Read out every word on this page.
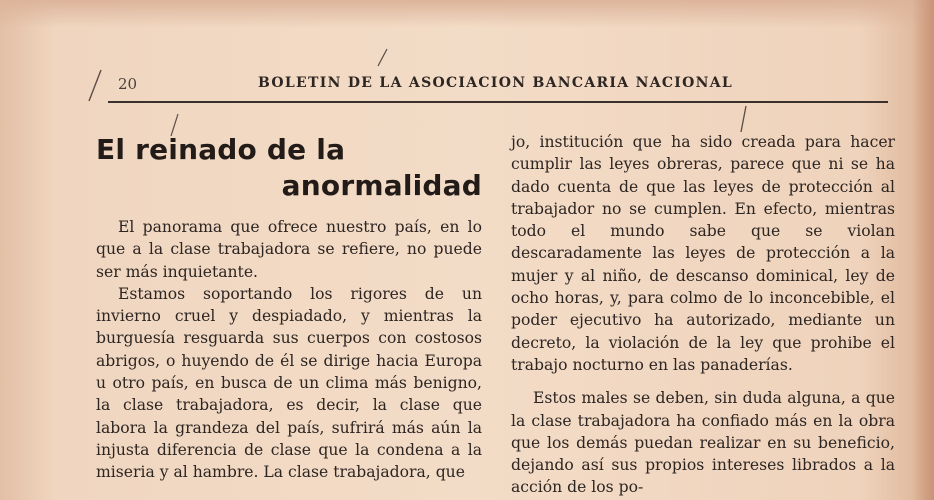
20	BOLETIN DE LA ASOCIACION BANCARIA NACIONAL
El reinado de la
anormalidad

El panorama que ofrece nuestro país, en lo que a la clase trabajadora se refiere, no puede ser más inquietante.

Estamos soportando los rigores de un invierno cruel y despiadado, y mientras la burguesía resguarda sus cuerpos con costosos abrigos, o huyendo de él se dirige hacia Europa u otro país, en busca de un clima más benigno, la clase trabajadora, es decir, la clase que labora la grandeza del país, sufrirá más aún la injusta diferencia de clase que la condena a la miseria y al hambre. La clase trabajadora, que

jo, institución que ha sido creada para hacer cumplir las leyes obreras, parece que ni se ha dado cuenta de que las leyes de protección al trabajador no se cumplen. En efecto, mientras todo el mundo sabe que se violan descaradamente las leyes de protección a la mujer y al niño, de descanso dominical, ley de ocho horas, y, para colmo de lo inconcebible, el poder ejecutivo ha autorizado, mediante un decreto, la violación de la ley que prohibe el trabajo nocturno en las panaderías.

Estos males se deben, sin duda alguna, a que la clase trabajadora ha confiado más en la obra que los demás puedan realizar en su beneficio, dejando así sus propios intereses librados a la acción de los po-
